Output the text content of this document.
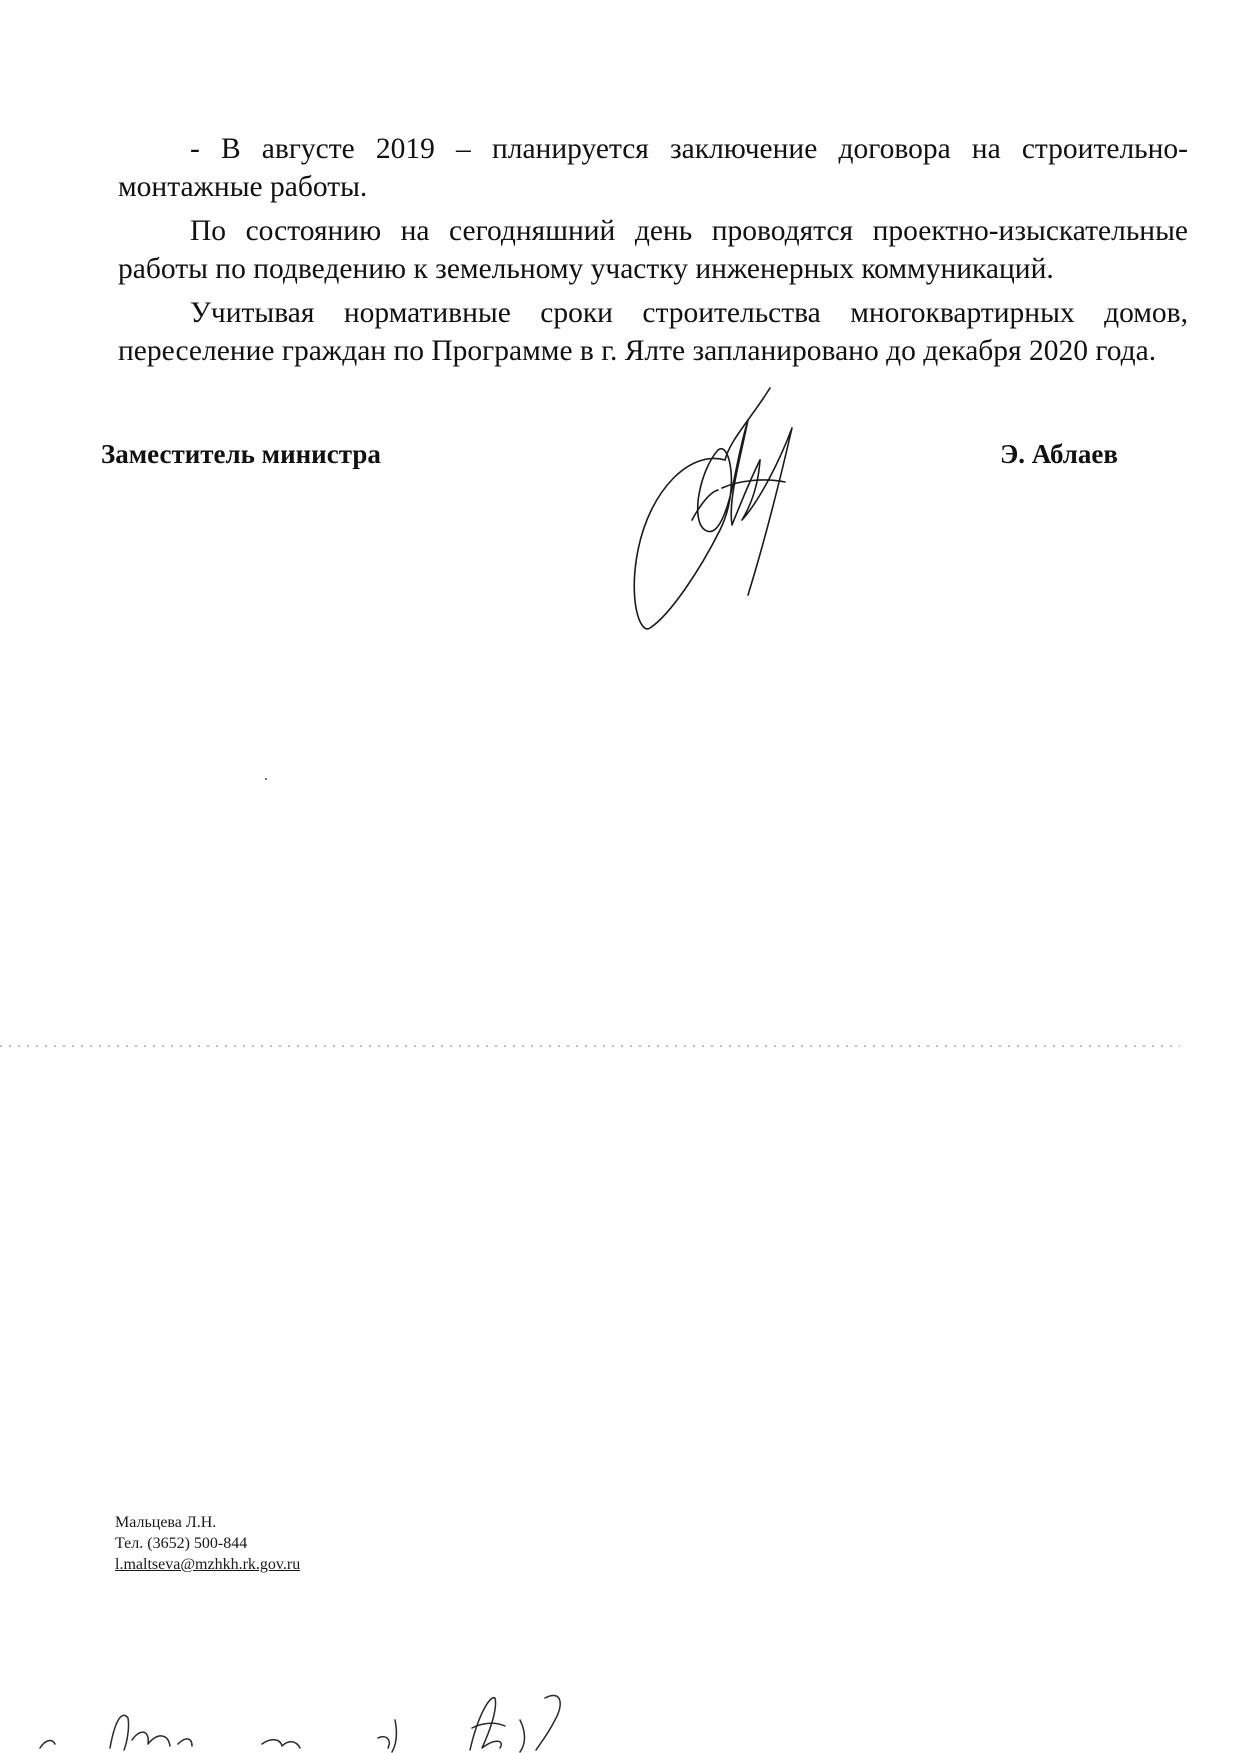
- В августе 2019 – планируется заключение договора на строительно-монтажные работы.

По состоянию на сегодняшний день проводятся проектно-изыскательные работы по подведению к земельному участку инженерных коммуникаций.

Учитывая нормативные сроки строительства многоквартирных домов, переселение граждан по Программе в г. Ялте запланировано до декабря 2020 года.

Заместитель министра	Э. Аблаев
Мальцева Л.Н.
Тел. (3652) 500-844
l.maltseva@mzhkh.rk.gov.ru
